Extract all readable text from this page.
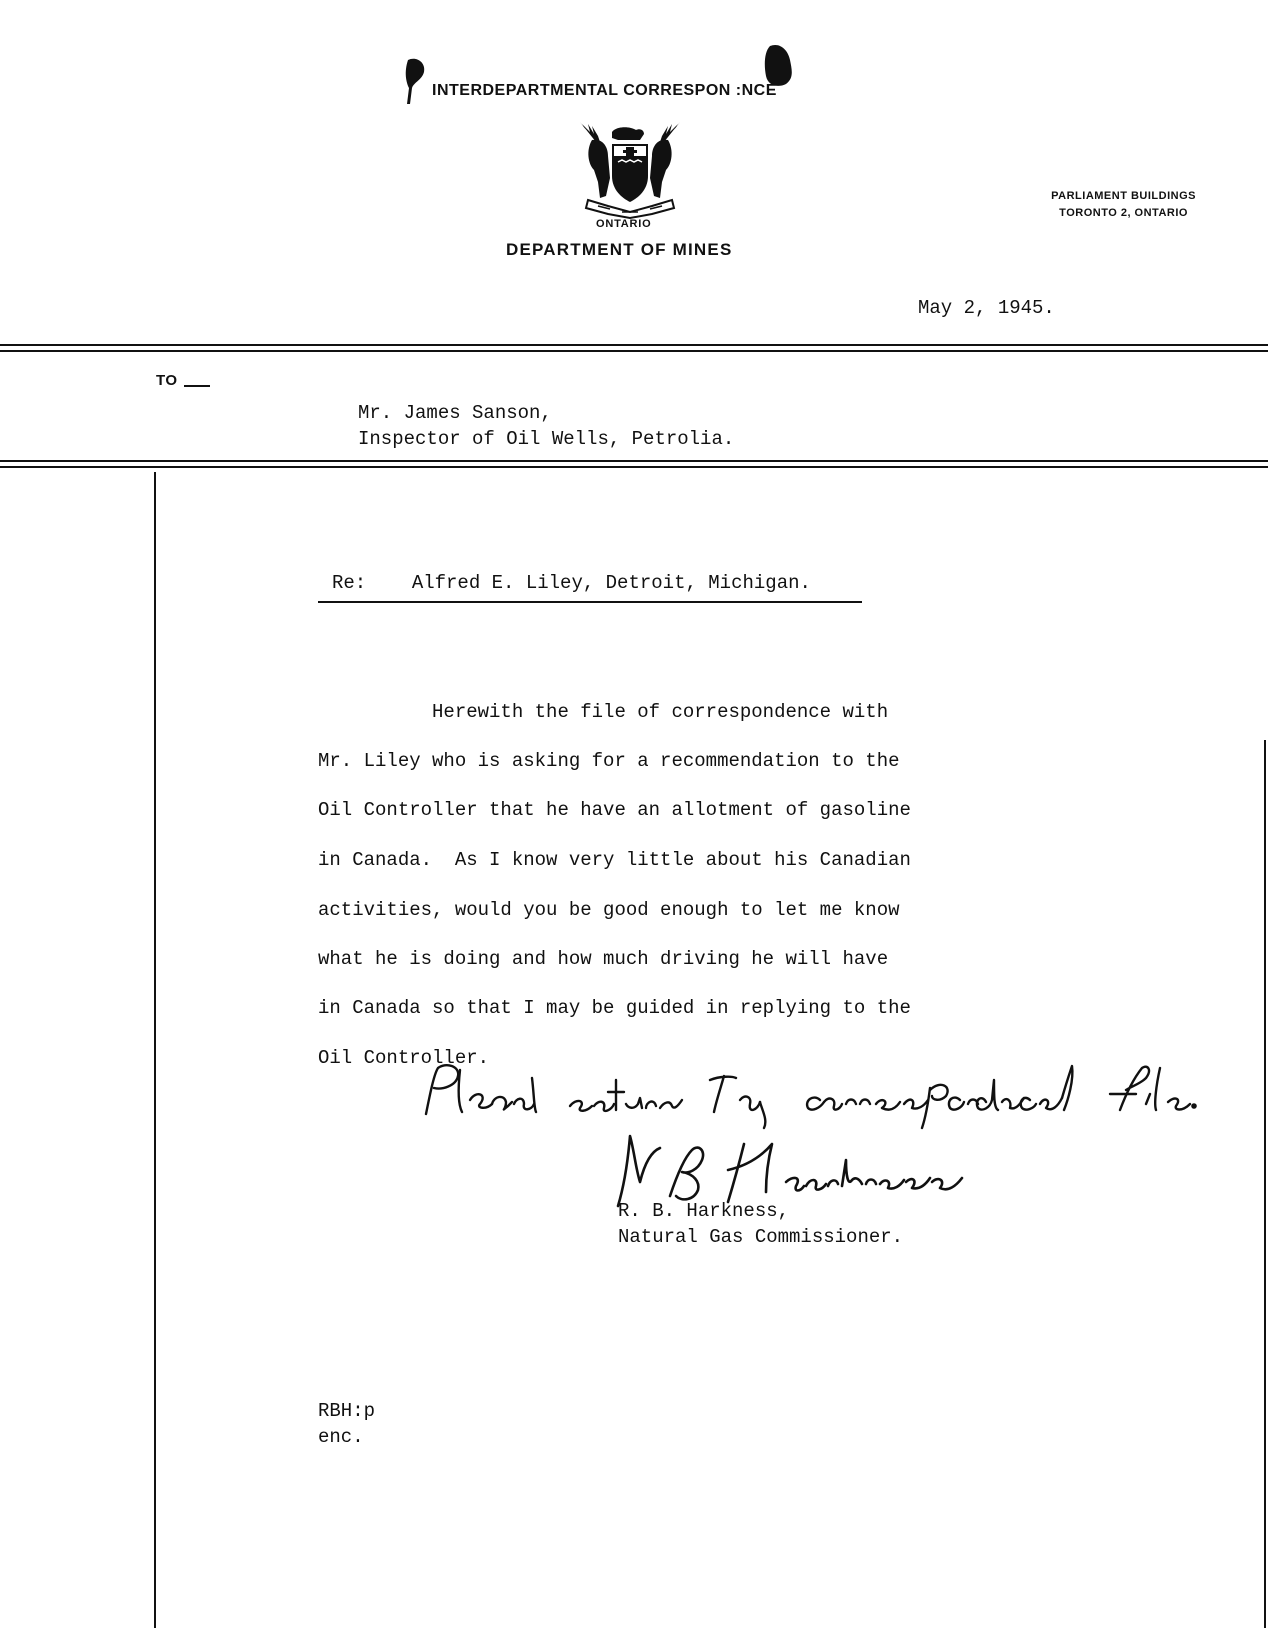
INTERDEPARTMENTAL CORRESPON :NCE
ONTARIO
DEPARTMENT OF MINES
PARLIAMENT BUILDINGS
TORONTO 2, ONTARIO
May 2, 1945.
TO
Mr. James Sanson,
Inspector of Oil Wells, Petrolia.
Re: Alfred E. Liley, Detroit, Michigan.
Herewith the file of correspondence with
Mr. Liley who is asking for a recommendation to the
Oil Controller that he have an allotment of gasoline
in Canada.  As I know very little about his Canadian
activities, would you be good enough to let me know
what he is doing and how much driving he will have
in Canada so that I may be guided in replying to the
Oil Controller.
R. B. Harkness,
Natural Gas Commissioner.
RBH:p
enc.
